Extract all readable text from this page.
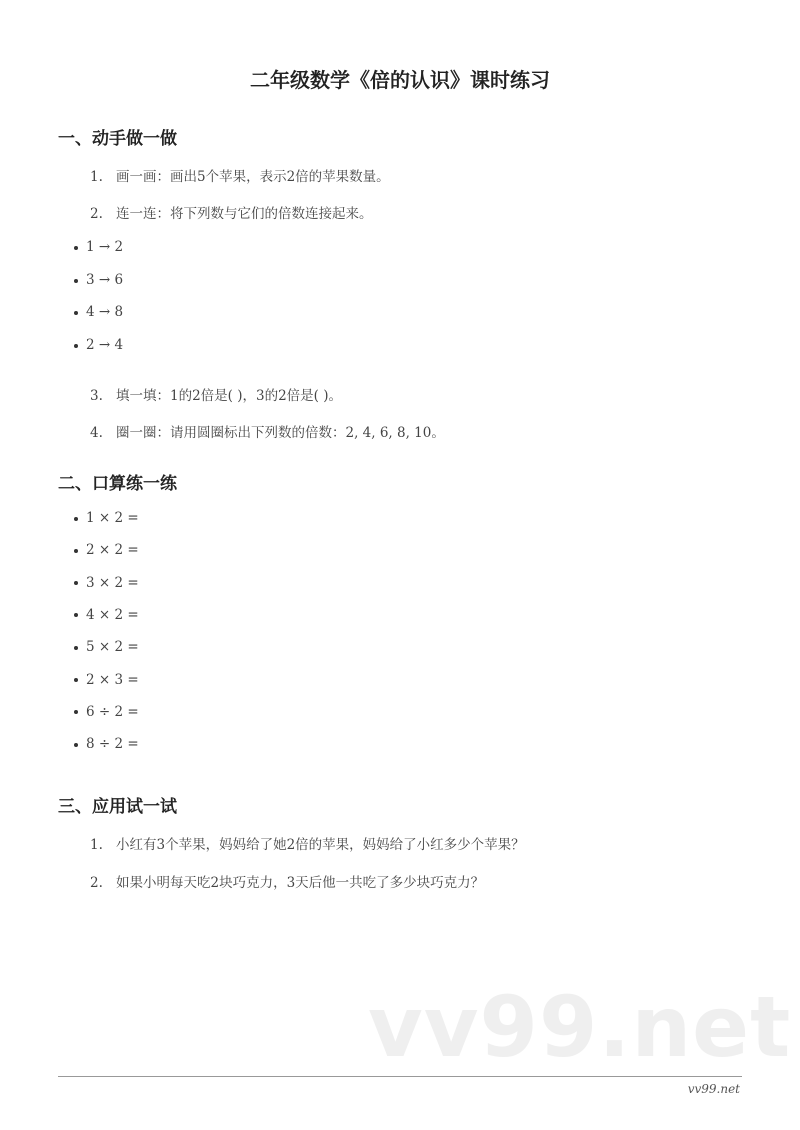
二年级数学《倍的认识》课时练习
一、动手做一做
1. 画一画：画出5个苹果，表示2倍的苹果数量。
2. 连一连：将下列数与它们的倍数连接起来。
1 → 2
3 → 6
4 → 8
2 → 4
3. 填一填：1的2倍是( )，3的2倍是( )。
4. 圈一圈：请用圆圈标出下列数的倍数：2, 4, 6, 8, 10。
二、口算练一练
1 × 2 =
2 × 2 =
3 × 2 =
4 × 2 =
5 × 2 =
2 × 3 =
6 ÷ 2 =
8 ÷ 2 =
三、应用试一试
1. 小红有3个苹果，妈妈给了她2倍的苹果，妈妈给了小红多少个苹果？
2. 如果小明每天吃2块巧克力，3天后他一共吃了多少块巧克力？
vv99.net
vv99.net
